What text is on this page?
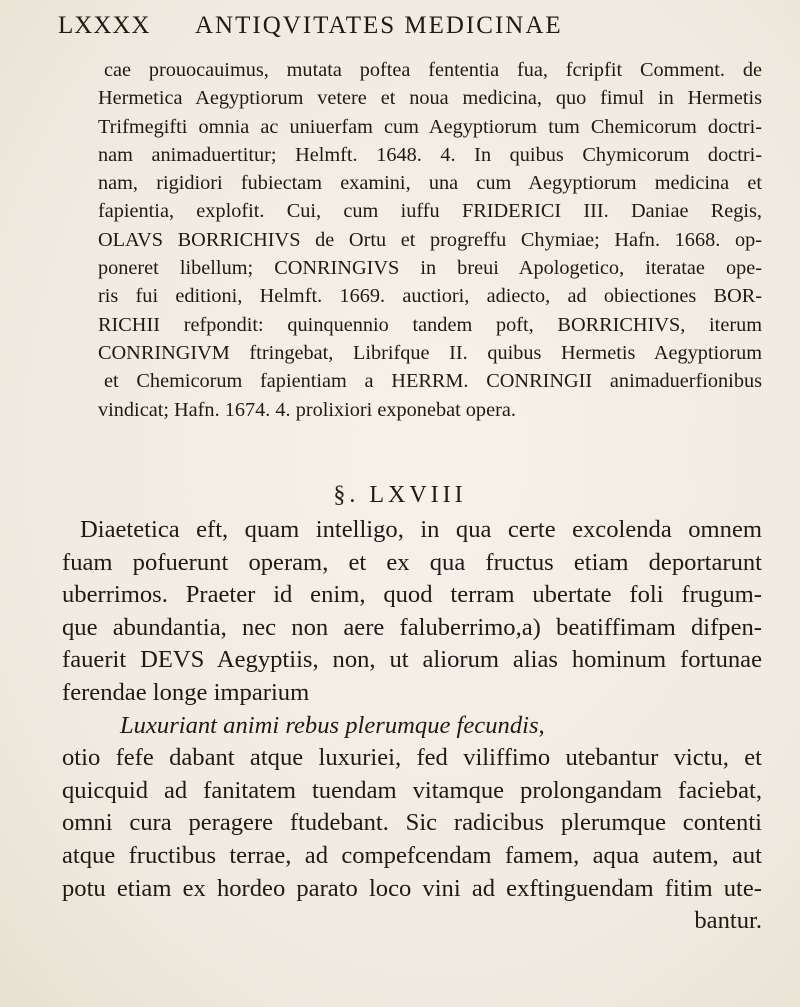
LXXXX ANTIQVITATES MEDICINAE
cae prouocauimus, mutata poftea fententia fua, fcripfit Comment. de
Hermetica Aegyptiorum vetere et noua medicina, quo fimul in Hermetis
Trifmegifti omnia ac uniuerfam cum Aegyptiorum tum Chemicorum doctri-
nam animaduertitur; Helmft. 1648. 4. In quibus Chymicorum doctri-
nam, rigidiori fubiectam examini, una cum Aegyptiorum medicina et
fapientia, explofit. Cui, cum iuffu FRIDERICI III. Daniae Regis,
OLAVS BORRICHIVS de Ortu et progreffu Chymiae; Hafn. 1668. op-
poneret libellum; CONRINGIVS in breui Apologetico, iteratae ope-
ris fui editioni, Helmft. 1669. auctiori, adiecto, ad obiectiones BOR-
RICHII refpondit: quinquennio tandem poft, BORRICHIVS, iterum
CONRINGIVM ftringebat, Librifque II. quibus Hermetis Aegyptiorum
et Chemicorum fapientiam a HERRM. CONRINGII animaduerfionibus
vindicat; Hafn. 1674. 4. prolixiori exponebat opera.
§. LXVIII
Diaetetica eft, quam intelligo, in qua certe excolenda omnem
fuam pofuerunt operam, et ex qua fructus etiam deportarunt
uberrimos. Praeter id enim, quod terram ubertate foli frugum-
que abundantia, nec non aere faluberrimo,a) beatiffimam difpen-
fauerit DEVS Aegyptiis, non, ut aliorum alias hominum fortunae
ferendae longe imparium
Luxuriant animi rebus plerumque fecundis,
otio fefe dabant atque luxuriei, fed viliffimo utebantur victu, et
quicquid ad fanitatem tuendam vitamque prolongandam faciebat,
omni cura peragere ftudebant. Sic radicibus plerumque contenti
atque fructibus terrae, ad compefcendam famem, aqua autem, aut
potu etiam ex hordeo parato loco vini ad exftinguendam fitim ute-
bantur.
